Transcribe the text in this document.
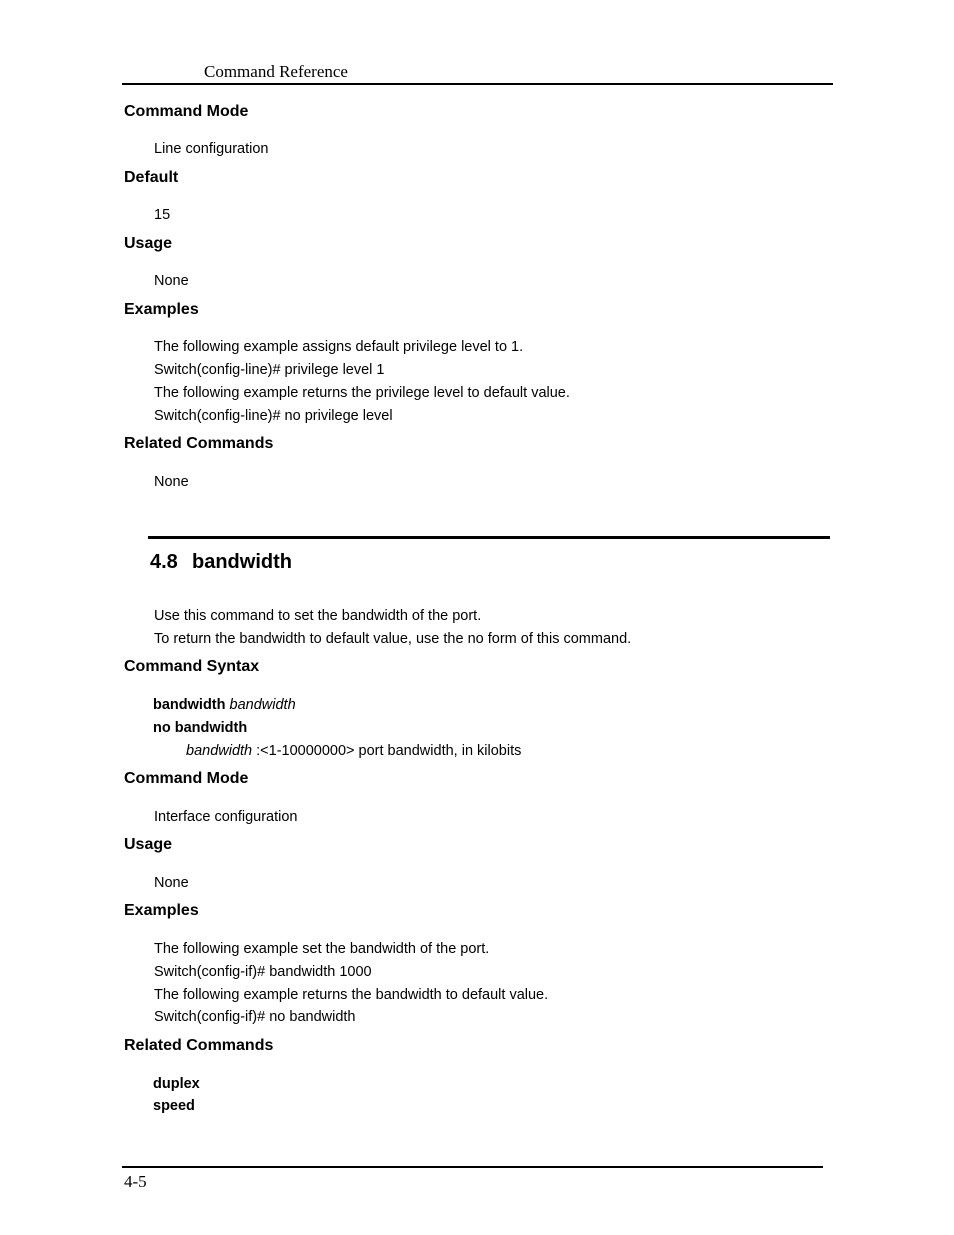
Command Reference
Command Mode
Line configuration
Default
15
Usage
None
Examples
The following example assigns default privilege level to 1.
Switch(config-line)# privilege level 1
The following example returns the privilege level to default value.
Switch(config-line)# no privilege level
Related Commands
None
4.8 bandwidth
Use this command to set the bandwidth of the port.
To return the bandwidth to default value, use the no form of this command.
Command Syntax
bandwidth bandwidth
no bandwidth
bandwidth :<1-10000000> port bandwidth, in kilobits
Command Mode
Interface configuration
Usage
None
Examples
The following example set the bandwidth of the port.
Switch(config-if)# bandwidth 1000
The following example returns the bandwidth to default value.
Switch(config-if)# no bandwidth
Related Commands
duplex
speed
4-5
